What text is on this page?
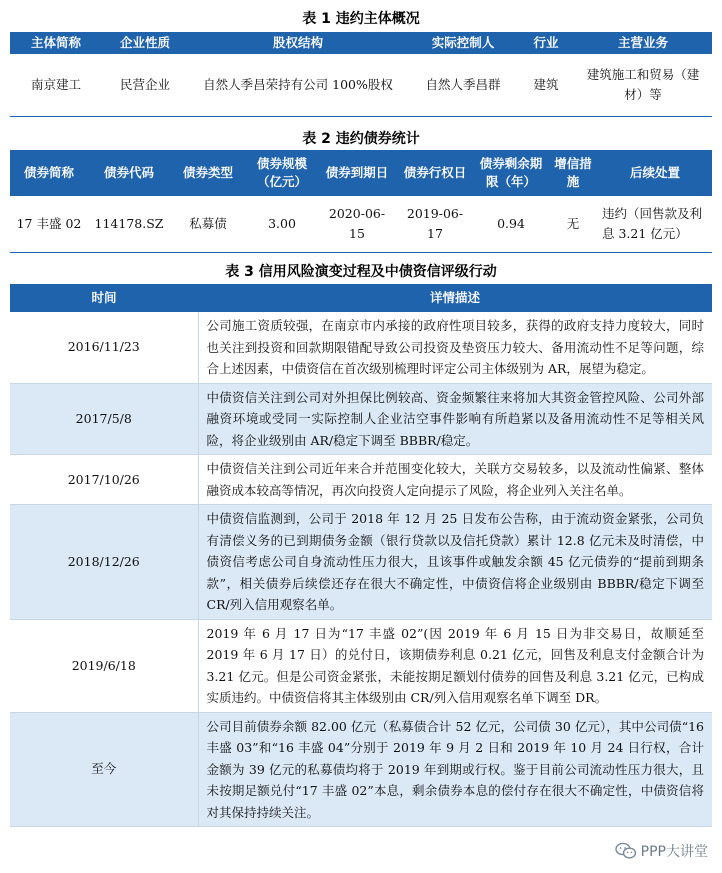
表 1 违约主体概况
主体简称	企业性质	股权结构	实际控制人	行业	主营业务
南京建工	民营企业	自然人季昌荣持有公司 100%股权	自然人季昌群	建筑	建筑施工和贸易（建材）等
表 2 违约债券统计
债券简称	债券代码	债券类型	债券规模（亿元）	债券到期日	债券行权日	债券剩余期限（年）	增信措施	后续处置
17 丰盛 02	114178.SZ	私募债	3.00	2020-06-15	2019-06-17	0.94	无	违约（回售款及利息 3.21 亿元）
表 3 信用风险演变过程及中债资信评级行动
时间	详情描述
2016/11/23	公司施工资质较强，在南京市内承接的政府性项目较多，获得的政府支持力度较大，同时也关注到投资和回款期限错配导致公司投资及垫资压力较大、备用流动性不足等问题，综合上述因素，中债资信在首次级别梳理时评定公司主体级别为 AR，展望为稳定。
2017/5/8	中债资信关注到公司对外担保比例较高、资金频繁往来将加大其资金管控风险、公司外部融资环境或受同一实际控制人企业沽空事件影响有所趋紧以及备用流动性不足等相关风险，将企业级别由 AR/稳定下调至 BBBR/稳定。
2017/10/26	中债资信关注到公司近年来合并范围变化较大，关联方交易较多，以及流动性偏紧、整体融资成本较高等情况，再次向投资人定向提示了风险，将企业列入关注名单。
2018/12/26	中债资信监测到，公司于 2018 年 12 月 25 日发布公告称，由于流动资金紧张，公司负有清偿义务的已到期债务金额（银行贷款以及信托贷款）累计 12.8 亿元未及时清偿，中债资信考虑公司自身流动性压力很大，且该事件或触发余额 45 亿元债券的“提前到期条款”，相关债券后续偿还存在很大不确定性，中债资信将企业级别由 BBBR/稳定下调至 CR/列入信用观察名单。
2019/6/18	2019 年 6 月 17 日为“17 丰盛 02”(因 2019 年 6 月 15 日为非交易日，故顺延至 2019 年 6 月 17 日）的兑付日，该期债券利息 0.21 亿元，回售及利息支付金额合计为 3.21 亿元。但是公司资金紧张，未能按期足额划付债券的回售及利息 3.21 亿元，已构成实质违约。中债资信将其主体级别由 CR/列入信用观察名单下调至 DR。
至今	公司目前债券余额 82.00 亿元（私募债合计 52 亿元，公司债 30 亿元），其中公司债“16 丰盛 03”和“16 丰盛 04”分别于 2019 年 9 月 2 日和 2019 年 10 月 24 日行权，合计金额为 39 亿元的私募债均将于 2019 年到期或行权。鉴于目前公司流动性压力很大，且未按期足额兑付“17 丰盛 02”本息，剩余债券本息的偿付存在很大不确定性，中债资信将对其保持持续关注。
PPP大讲堂
